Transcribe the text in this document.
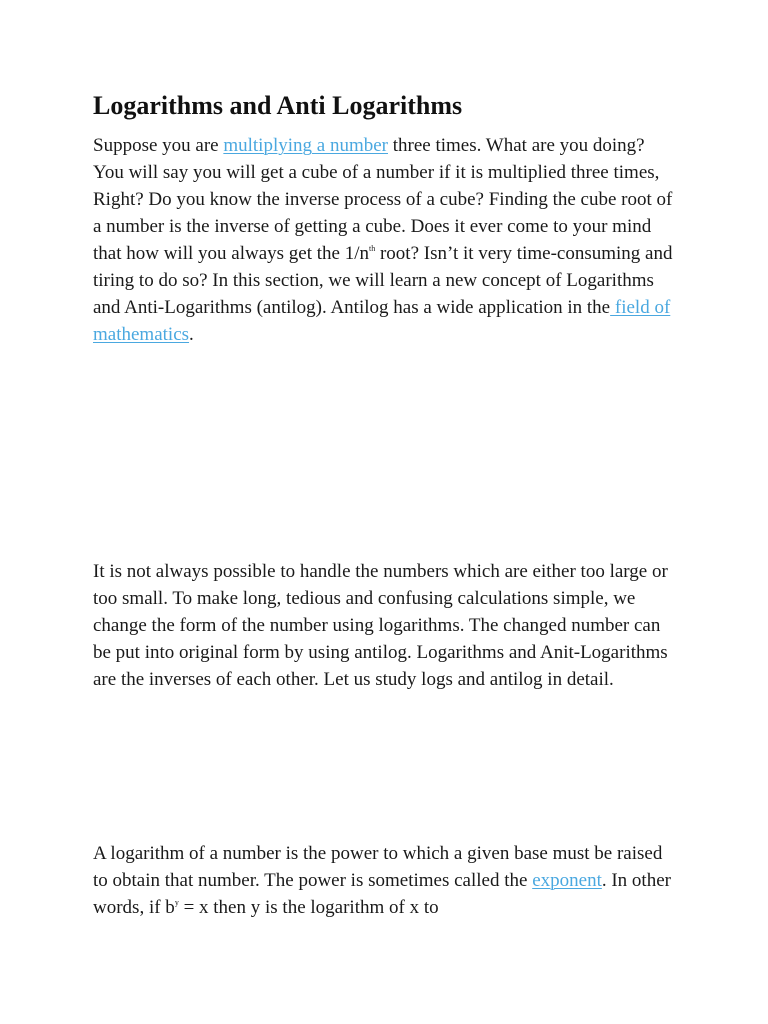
Logarithms and Anti Logarithms

Suppose you are multiplying a number three times. What are you doing? You will say you will get a cube of a number if it is multiplied three times, Right? Do you know the inverse process of a cube? Finding the cube root of a number is the inverse of getting a cube. Does it ever come to your mind that how will you always get the $1/n^{th}$ root? Isn’t it very time-consuming and tiring to do so? In this section, we will learn a new concept of Logarithms and Anti-Logarithms (antilog). Antilog has a wide application in the field of mathematics.

It is not always possible to handle the numbers which are either too large or too small. To make long, tedious and confusing calculations simple, we change the form of the number using logarithms. The changed number can be put into original form by using antilog. Logarithms and Anit-Logarithms are the inverses of each other. Let us study logs and antilog in detail.

A logarithm of a number is the power to which a given base must be raised to obtain that number. The power is sometimes called the exponent. In other words, if $b^y = x$ then y is the logarithm of x to
